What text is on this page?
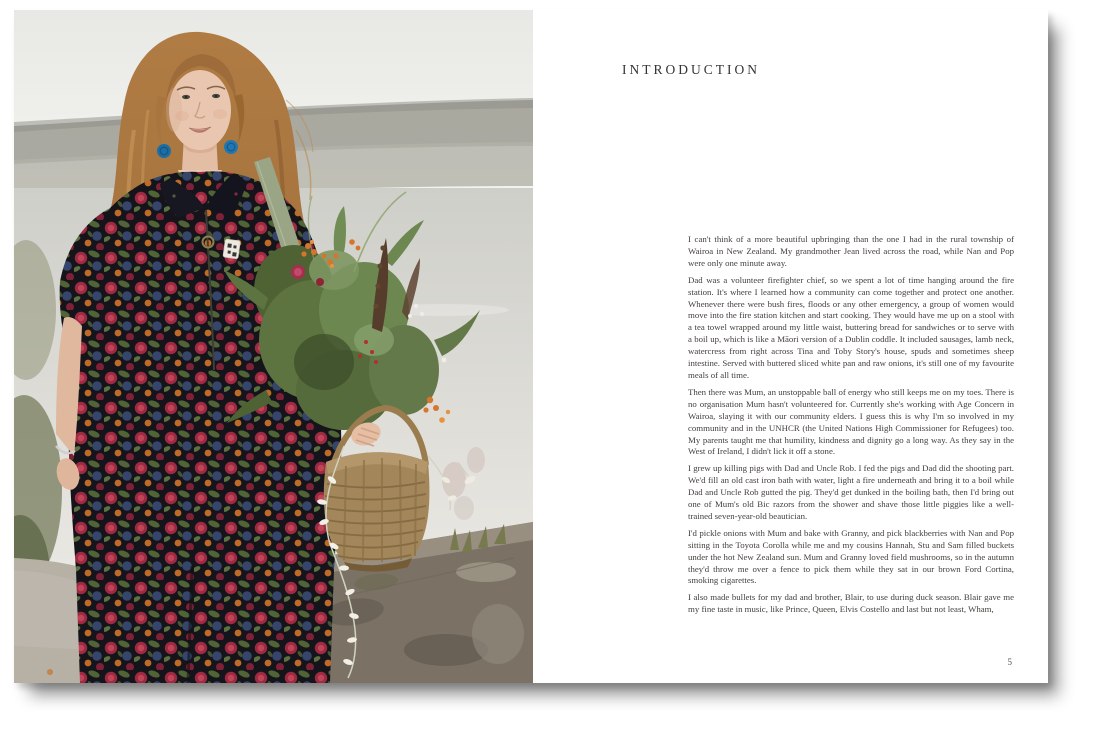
INTRODUCTION

I can't think of a more beautiful upbringing than the one I had in the rural township of Wairoa in New Zealand. My grandmother Jean lived across the road, while Nan and Pop were only one minute away.

Dad was a volunteer firefighter chief, so we spent a lot of time hanging around the fire station. It's where I learned how a community can come together and protect one another. Whenever there were bush fires, floods or any other emergency, a group of women would move into the fire station kitchen and start cooking. They would have me up on a stool with a tea towel wrapped around my little waist, buttering bread for sandwiches or to serve with a boil up, which is like a Māori version of a Dublin coddle. It included sausages, lamb neck, watercress from right across Tina and Toby Story's house, spuds and sometimes sheep intestine. Served with buttered sliced white pan and raw onions, it's still one of my favourite meals of all time.

Then there was Mum, an unstoppable ball of energy who still keeps me on my toes. There is no organisation Mum hasn't volunteered for. Currently she's working with Age Concern in Wairoa, slaying it with our community elders. I guess this is why I'm so involved in my community and in the UNHCR (the United Nations High Commissioner for Refugees) too. My parents taught me that humility, kindness and dignity go a long way. As they say in the West of Ireland, I didn't lick it off a stone.

I grew up killing pigs with Dad and Uncle Rob. I fed the pigs and Dad did the shooting part. We'd fill an old cast iron bath with water, light a fire underneath and bring it to a boil while Dad and Uncle Rob gutted the pig. They'd get dunked in the boiling bath, then I'd bring out one of Mum's old Bic razors from the shower and shave those little piggies like a well-trained seven-year-old beautician.

I'd pickle onions with Mum and bake with Granny, and pick blackberries with Nan and Pop sitting in the Toyota Corolla while me and my cousins Hannah, Stu and Sam filled buckets under the hot New Zealand sun. Mum and Granny loved field mushrooms, so in the autumn they'd throw me over a fence to pick them while they sat in our brown Ford Cortina, smoking cigarettes.

I also made bullets for my dad and brother, Blair, to use during duck season. Blair gave me my fine taste in music, like Prince, Queen, Elvis Costello and last but not least, Wham,

5
